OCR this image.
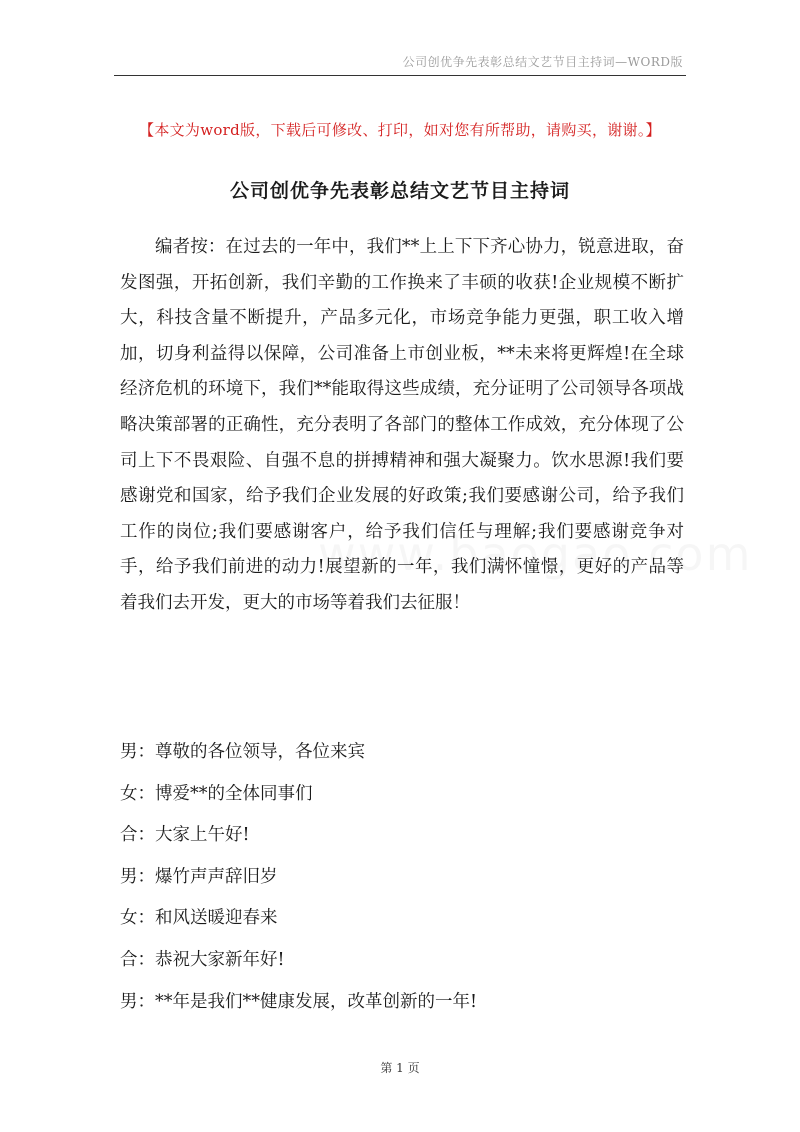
公司创优争先表彰总结文艺节目主持词—WORD版
【本文为word版，下载后可修改、打印，如对您有所帮助，请购买，谢谢。】
公司创优争先表彰总结文艺节目主持词

编者按：在过去的一年中，我们**上上下下齐心协力，锐意进取，奋发图强，开拓创新，我们辛勤的工作换来了丰硕的收获!企业规模不断扩大，科技含量不断提升，产品多元化，市场竞争能力更强，职工收入增加，切身利益得以保障，公司准备上市创业板，**未来将更辉煌!在全球经济危机的环境下，我们**能取得这些成绩，充分证明了公司领导各项战略决策部署的正确性，充分表明了各部门的整体工作成效，充分体现了公司上下不畏艰险、自强不息的拼搏精神和强大凝聚力。饮水思源!我们要感谢党和国家，给予我们企业发展的好政策;我们要感谢公司，给予我们工作的岗位;我们要感谢客户，给予我们信任与理解;我们要感谢竞争对手，给予我们前进的动力!展望新的一年，我们满怀憧憬，更好的产品等着我们去开发，更大的市场等着我们去征服！

男：尊敬的各位领导，各位来宾
女：博爱**的全体同事们
合：大家上午好!
男：爆竹声声辞旧岁
女：和风送暖迎春来
合：恭祝大家新年好!
男：**年是我们**健康发展，改革创新的一年!
第 1 页
